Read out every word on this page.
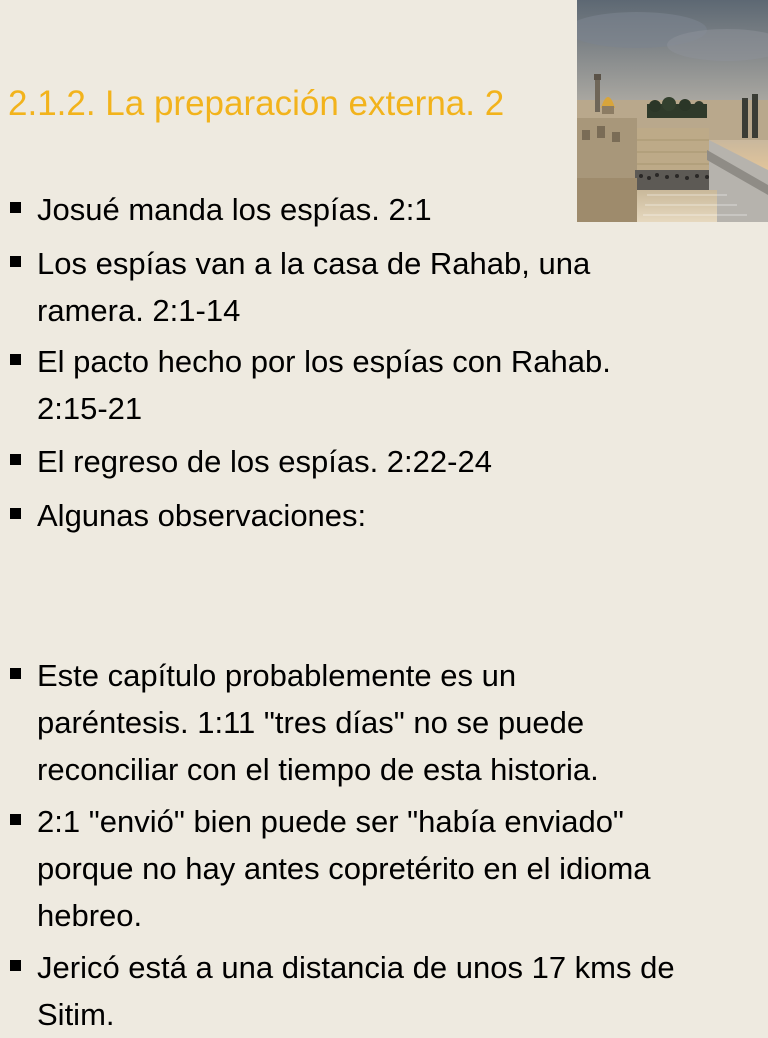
2.1.2. La preparación externa. 2
Josué manda los espías. 2:1
Los espías van a la casa de Rahab, una
ramera. 2:1-14
El pacto hecho por los espías con Rahab.
2:15-21
El regreso de los espías. 2:22-24
Algunas observaciones:
Este capítulo probablemente es un
paréntesis. 1:11 "tres días" no se puede
reconciliar con el tiempo de esta historia.
2:1 "envió" bien puede ser "había enviado"
porque no hay antes copretérito en el idioma
hebreo.
Jericó está a una distancia de unos 17 kms de
Sitim.
